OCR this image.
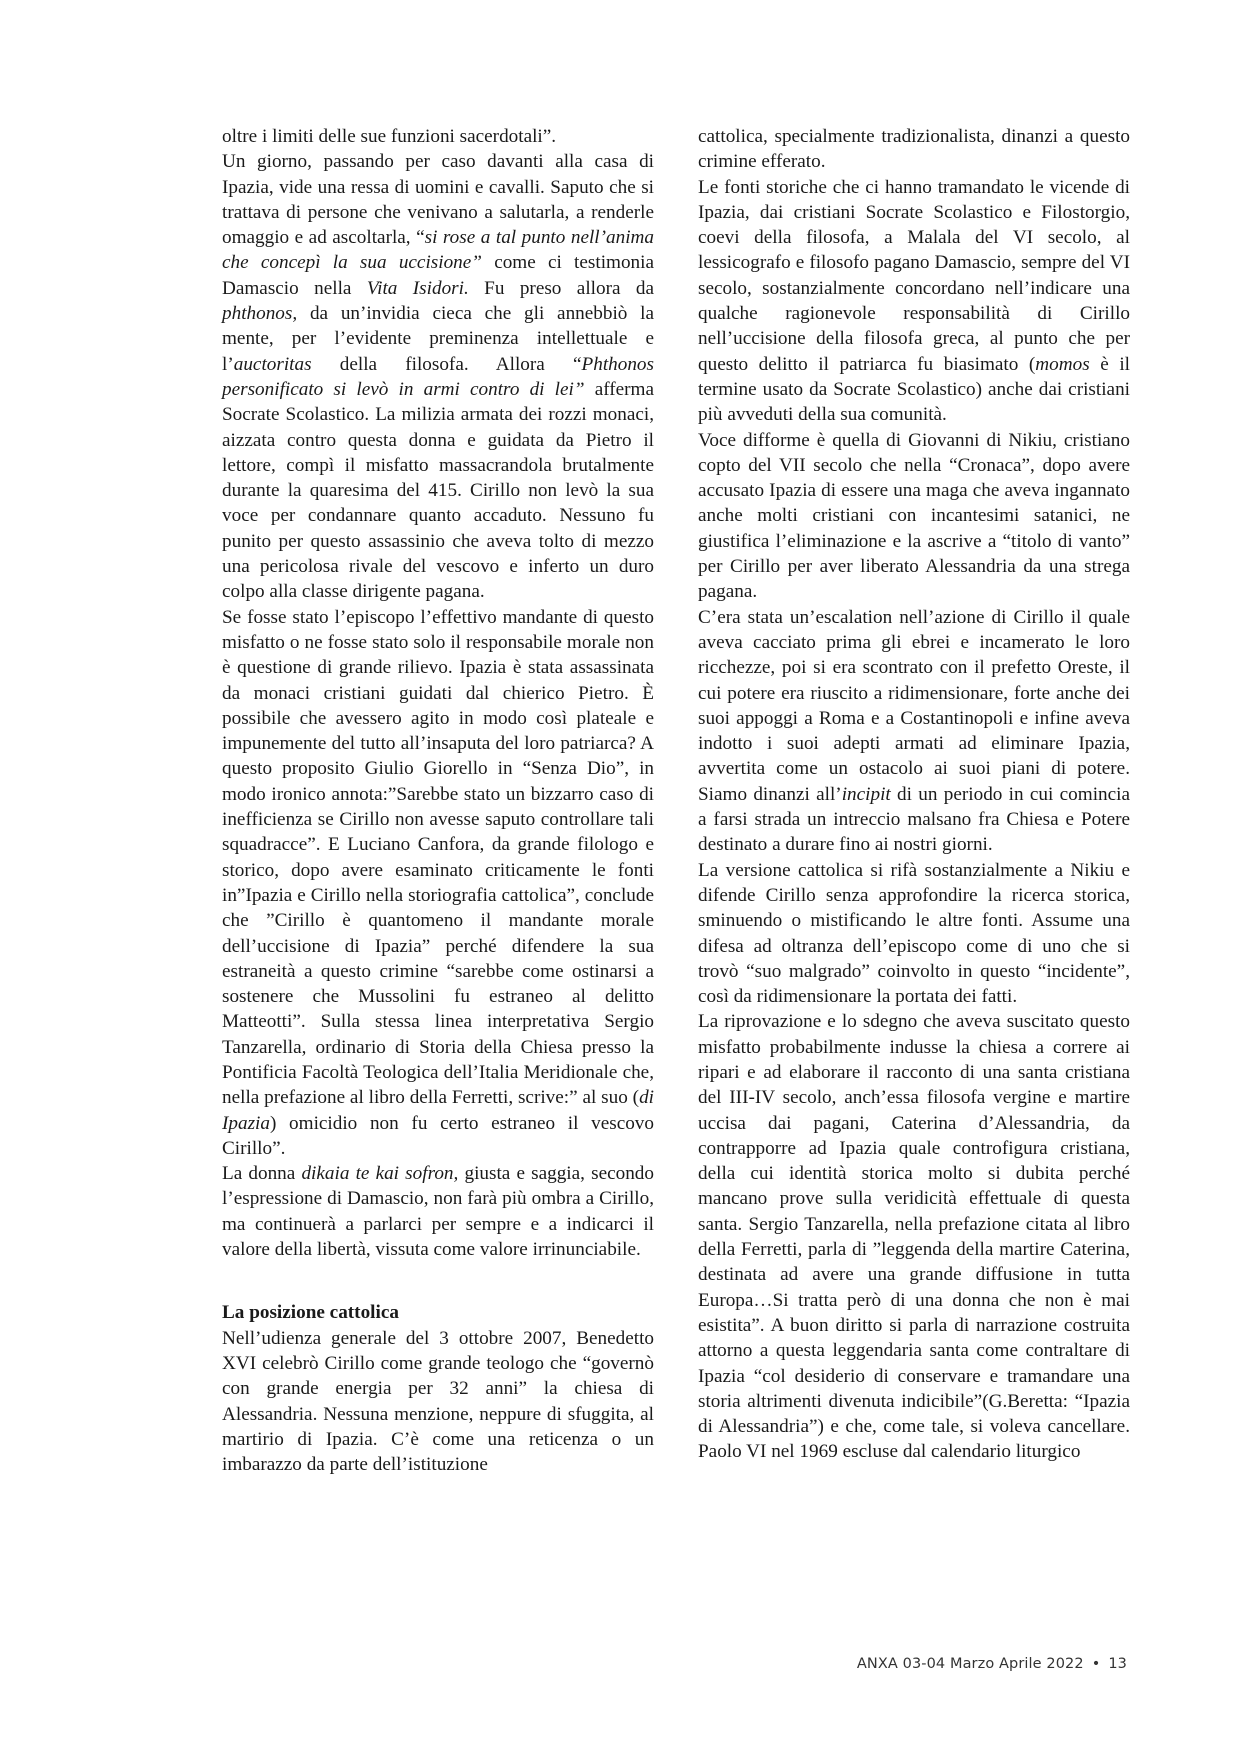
oltre i limiti delle sue funzioni sacerdotali”.

Un giorno, passando per caso davanti alla casa di Ipazia, vide una ressa di uomini e cavalli. Saputo che si trattava di persone che venivano a salutarla, a renderle omaggio e ad ascoltarla, “si rose a tal punto nell’anima che concepì la sua uccisione” come ci testimonia Damascio nella Vita Isidori. Fu preso allora da phthonos, da un’invidia cieca che gli annebbiò la mente, per l’evidente preminenza intellettuale e l’auctoritas della filosofa. Allora “Phthonos personificato si levò in armi contro di lei” afferma Socrate Scolastico. La milizia armata dei rozzi monaci, aizzata contro questa donna e guidata da Pietro il lettore, compì il misfatto massacrandola brutalmente durante la quaresima del 415. Cirillo non levò la sua voce per condannare quanto accaduto. Nessuno fu punito per questo assassinio che aveva tolto di mezzo una pericolosa rivale del vescovo e inferto un duro colpo alla classe dirigente pagana.

Se fosse stato l’episcopo l’effettivo mandante di questo misfatto o ne fosse stato solo il responsabile morale non è questione di grande rilievo. Ipazia è stata assassinata da monaci cristiani guidati dal chierico Pietro. È possibile che avessero agito in modo così plateale e impunemente del tutto all’insaputa del loro patriarca? A questo proposito Giulio Giorello in “Senza Dio”, in modo ironico annota:”Sarebbe stato un bizzarro caso di inefficienza se Cirillo non avesse saputo controllare tali squadracce”. E Luciano Canfora, da grande filologo e storico, dopo avere esaminato criticamente le fonti in”Ipazia e Cirillo nella storiografia cattolica”, conclude che ”Cirillo è quantomeno il mandante morale dell’uccisione di Ipazia” perché difendere la sua estraneità a questo crimine “sarebbe come ostinarsi a sostenere che Mussolini fu estraneo al delitto Matteotti”. Sulla stessa linea interpretativa Sergio Tanzarella, ordinario di Storia della Chiesa presso la Pontificia Facoltà Teologica dell’Italia Meridionale che, nella prefazione al libro della Ferretti, scrive:” al suo (di Ipazia) omicidio non fu certo estraneo il vescovo Cirillo”.

La donna dikaia te kai sofron, giusta e saggia, secondo l’espressione di Damascio, non farà più ombra a Cirillo, ma continuerà a parlarci per sempre e a indicarci il valore della libertà, vissuta come valore irrinunciabile.

La posizione cattolica

Nell’udienza generale del 3 ottobre 2007, Benedetto XVI celebrò Cirillo come grande teologo che “governò con grande energia per 32 anni” la chiesa di Alessandria. Nessuna menzione, neppure di sfuggita, al martirio di Ipazia. C’è come una reticenza o un imbarazzo da parte dell’istituzione

cattolica, specialmente tradizionalista, dinanzi a questo crimine efferato.

Le fonti storiche che ci hanno tramandato le vicende di Ipazia, dai cristiani Socrate Scolastico e Filostorgio, coevi della filosofa, a Malala del VI secolo, al lessicografo e filosofo pagano Damascio, sempre del VI secolo, sostanzialmente concordano nell’indicare una qualche ragionevole responsabilità di Cirillo nell’uccisione della filosofa greca, al punto che per questo delitto il patriarca fu biasimato (momos è il termine usato da Socrate Scolastico) anche dai cristiani più avveduti della sua comunità.

Voce difforme è quella di Giovanni di Nikiu, cristiano copto del VII secolo che nella “Cronaca”, dopo avere accusato Ipazia di essere una maga che aveva ingannato anche molti cristiani con incantesimi satanici, ne giustifica l’eliminazione e la ascrive a “titolo di vanto” per Cirillo per aver liberato Alessandria da una strega pagana.

C’era stata un’escalation nell’azione di Cirillo il quale aveva cacciato prima gli ebrei e incamerato le loro ricchezze, poi si era scontrato con il prefetto Oreste, il cui potere era riuscito a ridimensionare, forte anche dei suoi appoggi a Roma e a Costantinopoli e infine aveva indotto i suoi adepti armati ad eliminare Ipazia, avvertita come un ostacolo ai suoi piani di potere. Siamo dinanzi all’incipit di un periodo in cui comincia a farsi strada un intreccio malsano fra Chiesa e Potere destinato a durare fino ai nostri giorni.

La versione cattolica si rifà sostanzialmente a Nikiu e difende Cirillo senza approfondire la ricerca storica, sminuendo o mistificando le altre fonti. Assume una difesa ad oltranza dell’episcopo come di uno che si trovò “suo malgrado” coinvolto in questo “incidente”, così da ridimensionare la portata dei fatti.

La riprovazione e lo sdegno che aveva suscitato questo misfatto probabilmente indusse la chiesa a correre ai ripari e ad elaborare il racconto di una santa cristiana del III-IV secolo, anch’essa filosofa vergine e martire uccisa dai pagani, Caterina d’Alessandria, da contrapporre ad Ipazia quale controfigura cristiana, della cui identità storica molto si dubita perché mancano prove sulla veridicità effettuale di questa santa. Sergio Tanzarella, nella prefazione citata al libro della Ferretti, parla di ”leggenda della martire Caterina, destinata ad avere una grande diffusione in tutta Europa…Si tratta però di una donna che non è mai esistita”. A buon diritto si parla di narrazione costruita attorno a questa leggendaria santa come contraltare di Ipazia “col desiderio di conservare e tramandare una storia altrimenti divenuta indicibile”(G.Beretta: “Ipazia di Alessandria”) e che, come tale, si voleva cancellare. Paolo VI nel 1969 escluse dal calendario liturgico

ANXA 03-04 Marzo Aprile 2022 • 13
